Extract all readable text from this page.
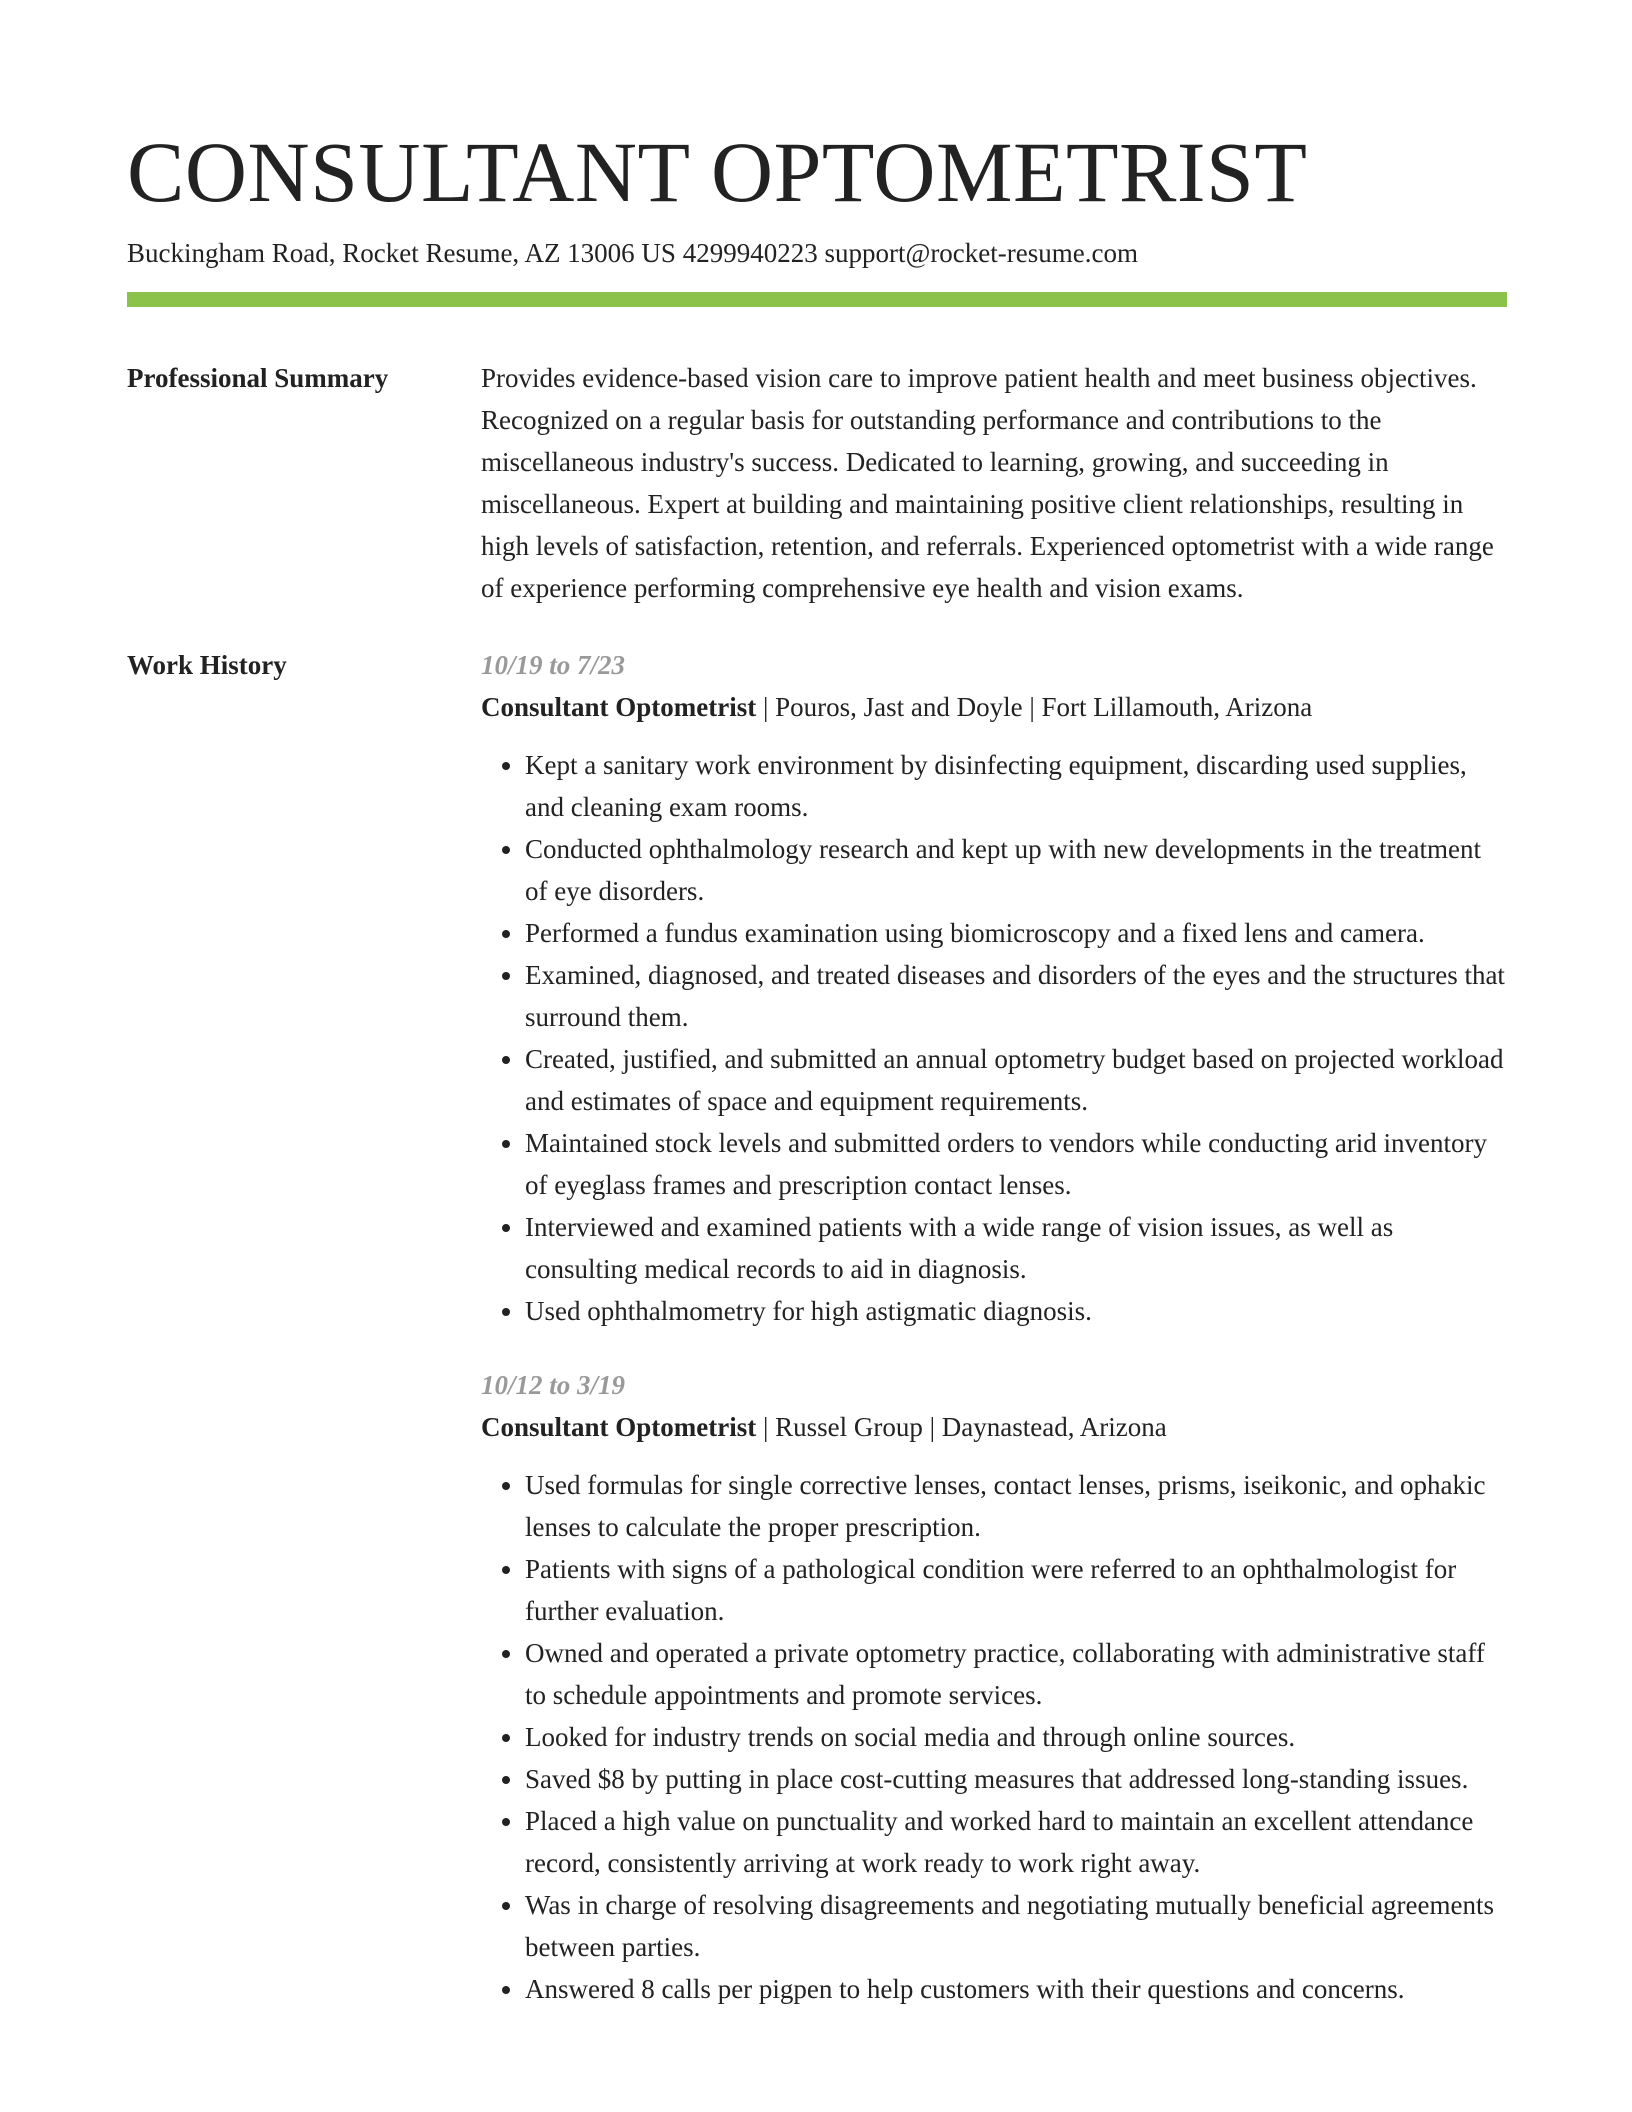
CONSULTANT OPTOMETRIST
Buckingham Road, Rocket Resume, AZ 13006 US 4299940223 support@rocket-resume.com
Professional Summary	Provides evidence-based vision care to improve patient health and meet business objectives. Recognized on a regular basis for outstanding performance and contributions to the miscellaneous industry's success. Dedicated to learning, growing, and succeeding in miscellaneous. Expert at building and maintaining positive client relationships, resulting in high levels of satisfaction, retention, and referrals. Experienced optometrist with a wide range of experience performing comprehensive eye health and vision exams.
Work History	10/19 to 7/23
Consultant Optometrist | Pouros, Jast and Doyle | Fort Lillamouth, Arizona
• Kept a sanitary work environment by disinfecting equipment, discarding used supplies, and cleaning exam rooms.
• Conducted ophthalmology research and kept up with new developments in the treatment of eye disorders.
• Performed a fundus examination using biomicroscopy and a fixed lens and camera.
• Examined, diagnosed, and treated diseases and disorders of the eyes and the structures that surround them.
• Created, justified, and submitted an annual optometry budget based on projected workload and estimates of space and equipment requirements.
• Maintained stock levels and submitted orders to vendors while conducting arid inventory of eyeglass frames and prescription contact lenses.
• Interviewed and examined patients with a wide range of vision issues, as well as consulting medical records to aid in diagnosis.
• Used ophthalmometry for high astigmatic diagnosis.
10/12 to 3/19
Consultant Optometrist | Russel Group | Daynastead, Arizona
• Used formulas for single corrective lenses, contact lenses, prisms, iseikonic, and ophakic lenses to calculate the proper prescription.
• Patients with signs of a pathological condition were referred to an ophthalmologist for further evaluation.
• Owned and operated a private optometry practice, collaborating with administrative staff to schedule appointments and promote services.
• Looked for industry trends on social media and through online sources.
• Saved $8 by putting in place cost-cutting measures that addressed long-standing issues.
• Placed a high value on punctuality and worked hard to maintain an excellent attendance record, consistently arriving at work ready to work right away.
• Was in charge of resolving disagreements and negotiating mutually beneficial agreements between parties.
• Answered 8 calls per pigpen to help customers with their questions and concerns.
